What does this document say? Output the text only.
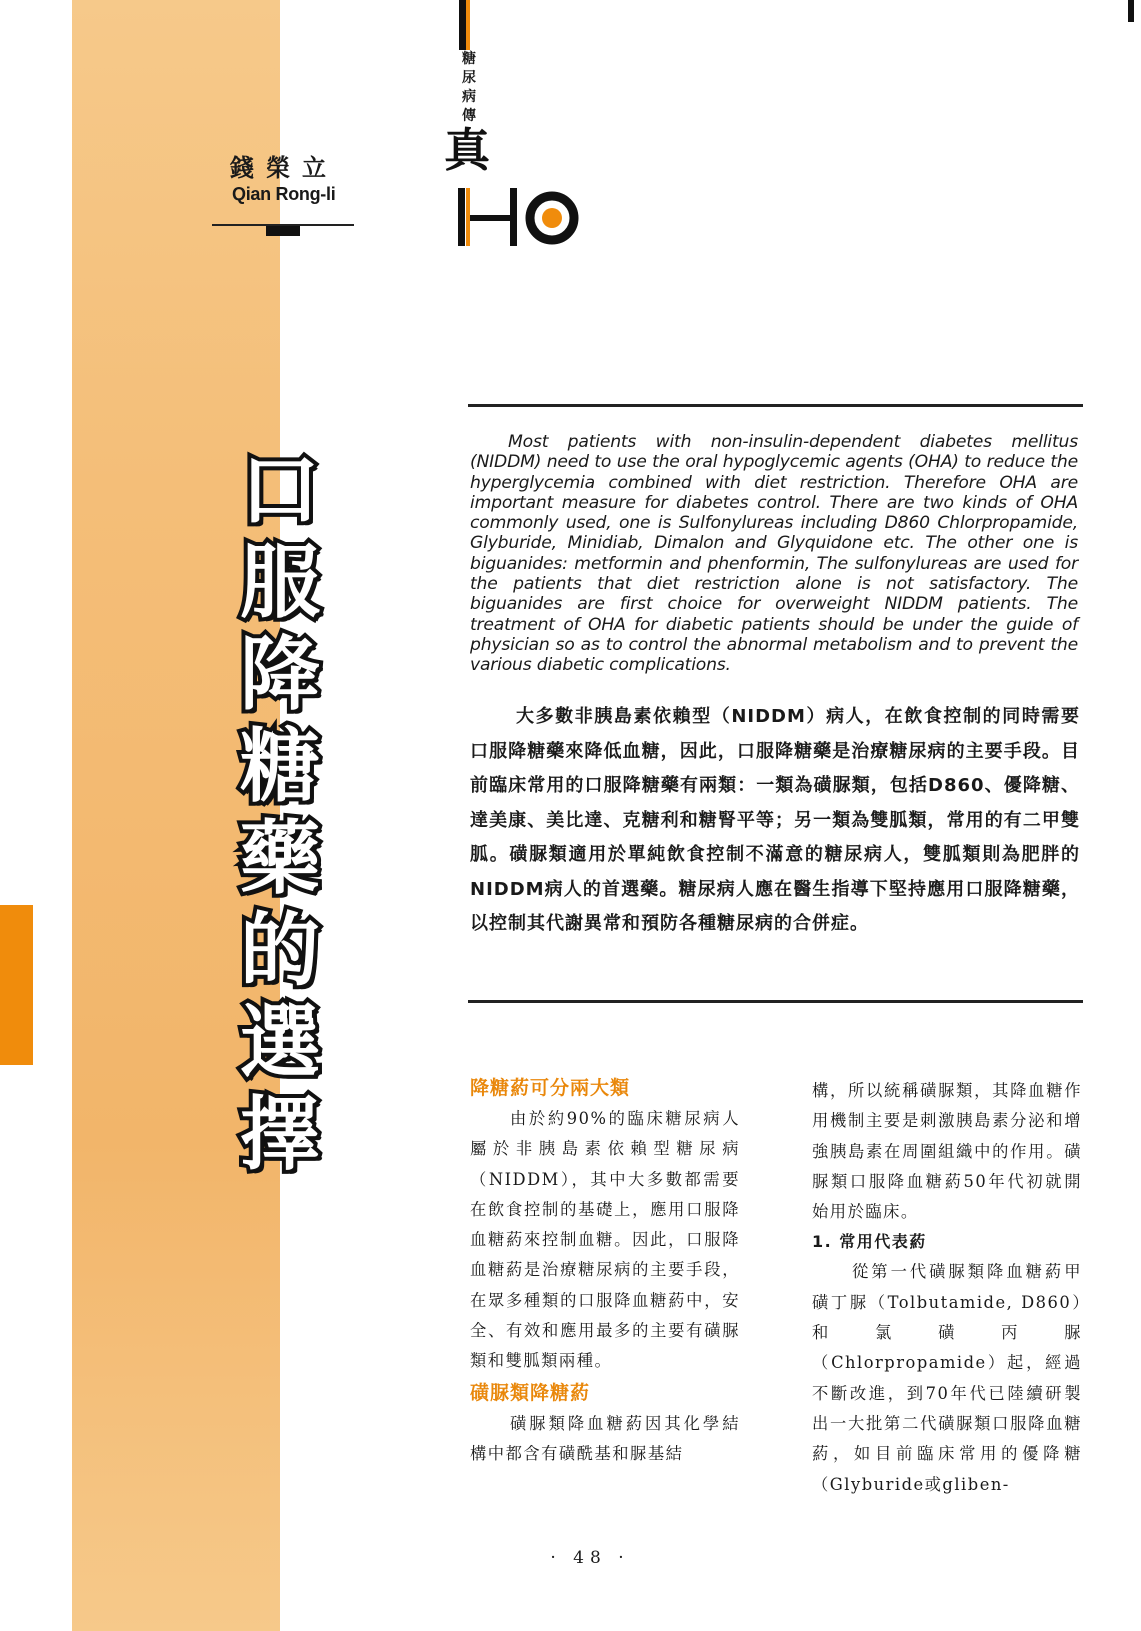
錢榮立
Qian Rong-li
糖
尿
病
傳
真
口
服
降
糖
藥
的
選
擇
Most patients with non-insulin-dependent diabetes mellitus (NIDDM) need to use the oral hypoglycemic agents (OHA) to reduce the hyperglycemia combined with diet restriction. Therefore OHA are important measure for diabetes control. There are two kinds of OHA commonly used, one is Sulfonylureas including D860 Chlorpropamide, Glyburide, Minidiab, Dimalon and Glyquidone etc. The other one is biguanides: metformin and phenformin, The sulfonylureas are used for the patients that diet restriction alone is not satisfactory. The biguanides are first choice for overweight NIDDM patients. The treatment of OHA for diabetic patients should be under the guide of physician so as to control the abnormal metabolism and to prevent the various diabetic complications.
大多數非胰島素依賴型（NIDDM）病人，在飲食控制的同時需要口服降糖藥來降低血糖，因此，口服降糖藥是治療糖尿病的主要手段。目前臨床常用的口服降糖藥有兩類：一類為磺脲類，包括D860、優降糖、達美康、美比達、克糖利和糖腎平等；另一類為雙胍類，常用的有二甲雙胍。磺脲類適用於單純飲食控制不滿意的糖尿病人，雙胍類則為肥胖的NIDDM病人的首選藥。糖尿病人應在醫生指導下堅持應用口服降糖藥，以控制其代謝異常和預防各種糖尿病的合併症。
降糖葯可分兩大類

由於約90%的臨床糖尿病人屬於非胰島素依賴型糖尿病（NIDDM），其中大多數都需要在飲食控制的基礎上，應用口服降血糖葯來控制血糖。因此，口服降血糖葯是治療糖尿病的主要手段，在眾多種類的口服降血糖葯中，安全、有效和應用最多的主要有磺脲類和雙胍類兩種。

磺脲類降糖葯

磺脲類降血糖葯因其化學結構中都含有磺酰基和脲基結

構，所以統稱磺脲類，其降血糖作用機制主要是刺激胰島素分泌和增強胰島素在周圍組織中的作用。磺脲類口服降血糖葯50年代初就開始用於臨床。

1. 常用代表葯

從第一代磺脲類降血糖葯甲磺丁脲（Tolbutamide, D860）和氯磺丙脲（Chlorpropamide）起，經過不斷改進，到70年代已陸續研製出一大批第二代磺脲類口服降血糖葯，如目前臨床常用的優降糖（Glyburide或gliben-

· 48 ·
